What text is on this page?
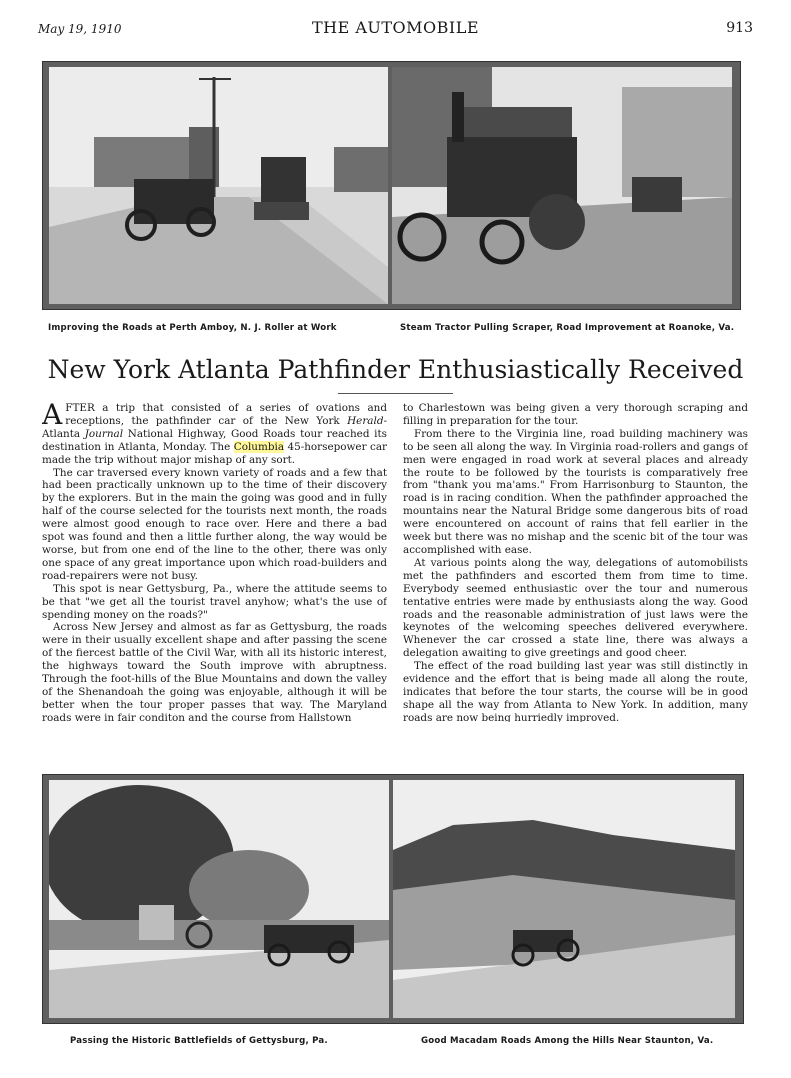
May 19, 1910	THE AUTOMOBILE	913
Improving the Roads at Perth Amboy, N. J. Roller at Work	Steam Tractor Pulling Scraper, Road Improvement at Roanoke, Va.
New York Atlanta Pathfinder Enthusiastically Received

AFTER a trip that consisted of a series of ovations and receptions, the pathfinder car of the New York Herald-Atlanta Journal National Highway, Good Roads tour reached its destination in Atlanta, Monday. The Columbia 45-horsepower car made the trip without major mishap of any sort.

The car traversed every known variety of roads and a few that had been practically unknown up to the time of their discovery by the explorers. But in the main the going was good and in fully half of the course selected for the tourists next month, the roads were almost good enough to race over. Here and there a bad spot was found and then a little further along, the way would be worse, but from one end of the line to the other, there was only one space of any great importance upon which road-builders and road-repairers were not busy.

This spot is near Gettysburg, Pa., where the attitude seems to be that "we get all the tourist travel anyhow; what's the use of spending money on the roads?"

Across New Jersey and almost as far as Gettysburg, the roads were in their usually excellent shape and after passing the scene of the fiercest battle of the Civil War, with all its historic interest, the highways toward the South improve with abruptness. Through the foot-hills of the Blue Mountains and down the valley of the Shenandoah the going was enjoyable, although it will be better when the tour proper passes that way. The Maryland roads were in fair conditon and the course from Hallstown

to Charlestown was being given a very thorough scraping and filling in preparation for the tour.

From there to the Virginia line, road building machinery was to be seen all along the way. In Virginia road-rollers and gangs of men were engaged in road work at several places and already the route to be followed by the tourists is comparatively free from "thank you ma'ams." From Harrisonburg to Staunton, the road is in racing condition. When the pathfinder approached the mountains near the Natural Bridge some dangerous bits of road were encountered on account of rains that fell earlier in the week but there was no mishap and the scenic bit of the tour was accomplished with ease.

At various points along the way, delegations of automobilists met the pathfinders and escorted them from time to time. Everybody seemed enthusiastic over the tour and numerous tentative entries were made by enthusiasts along the way. Good roads and the reasonable administration of just laws were the keynotes of the welcoming speeches delivered everywhere. Whenever the car crossed a state line, there was always a delegation awaiting to give greetings and good cheer.

The effect of the road building last year was still distinctly in evidence and the effort that is being made all along the route, indicates that before the tour starts, the course will be in good shape all the way from Atlanta to New York. In addition, many roads are now being hurriedly improved.

Passing the Historic Battlefields of Gettysburg, Pa.	Good Macadam Roads Among the Hills Near Staunton, Va.
